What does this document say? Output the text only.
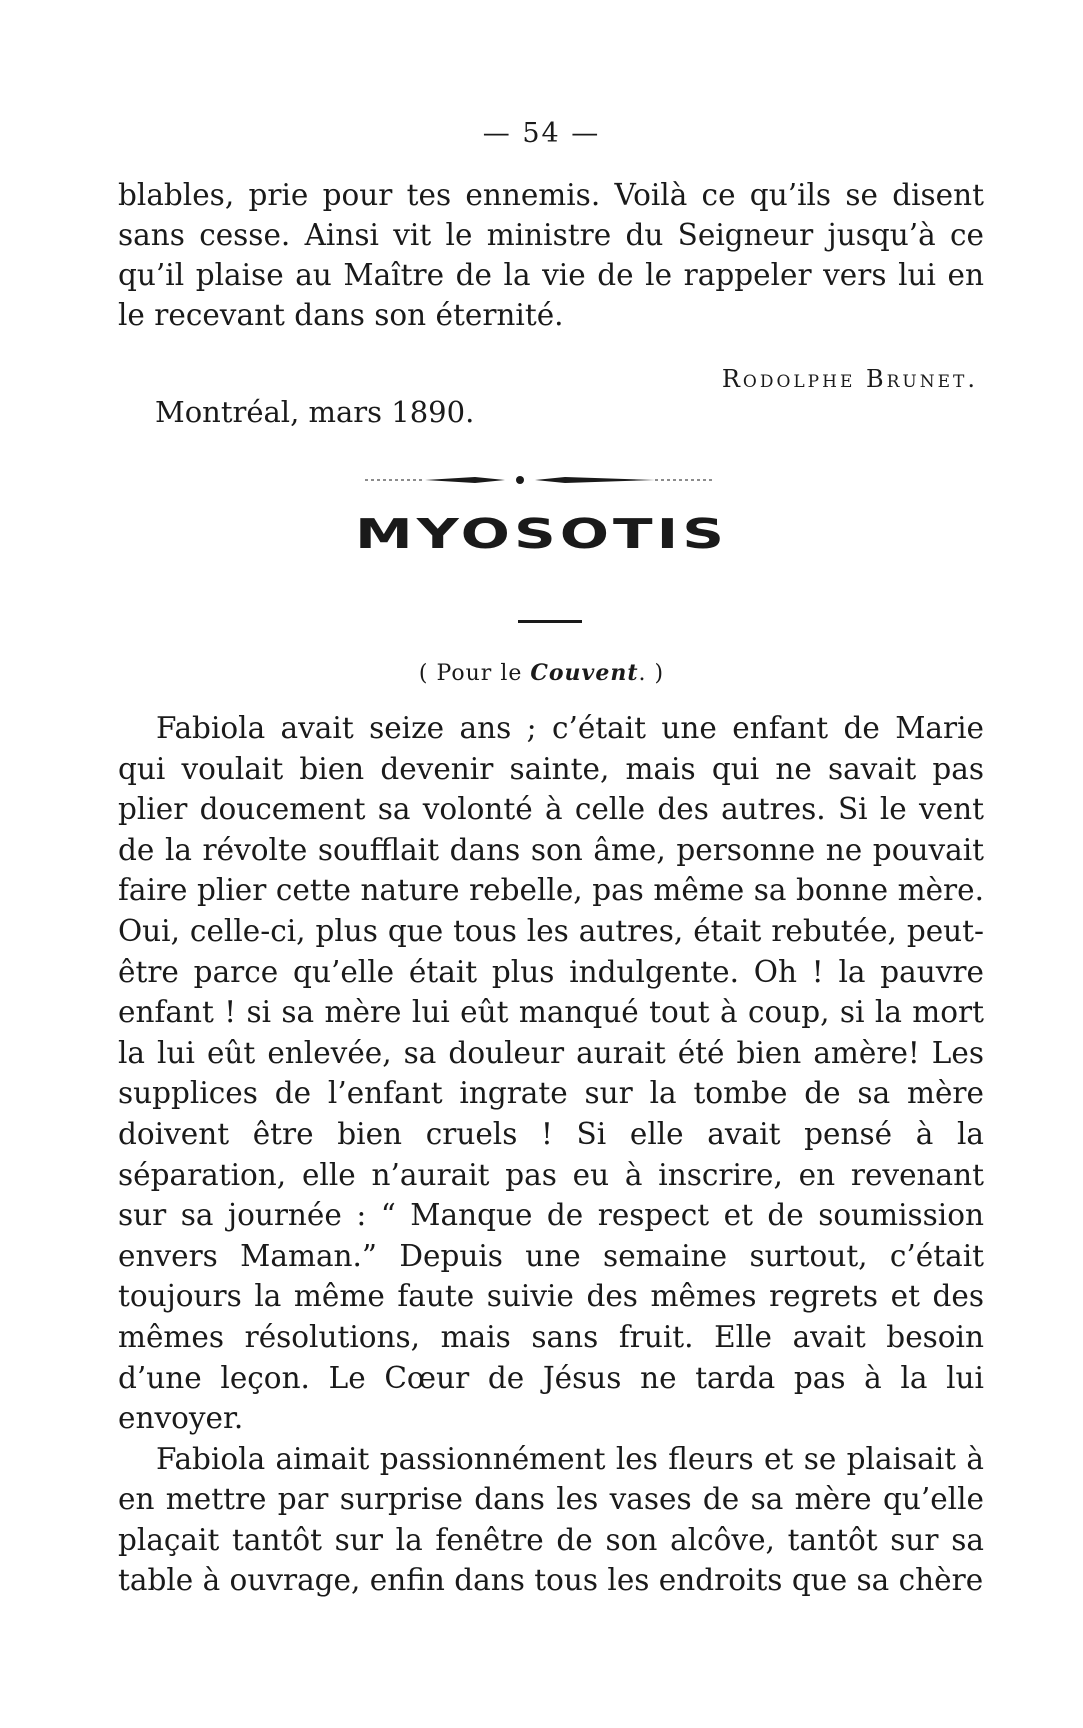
— 54 —

blables, prie pour tes ennemis. Voilà ce qu’ils se disent sans cesse. Ainsi vit le ministre du Seigneur jusqu’à ce qu’il plaise au Maître de la vie de le rappeler vers lui en le recevant dans son éternité.

Rodolphe Brunet.
Montréal, mars 1890.
MYOSOTIS
( Pour le Couvent. )

Fabiola avait seize ans ; c’était une enfant de Marie qui voulait bien devenir sainte, mais qui ne savait pas plier doucement sa volonté à celle des autres. Si le vent de la révolte soufflait dans son âme, personne ne pouvait faire plier cette nature rebelle, pas même sa bonne mère. Oui, celle-ci, plus que tous les autres, était rebutée, peut-être parce qu’elle était plus indulgente. Oh ! la pauvre enfant ! si sa mère lui eût manqué tout à coup, si la mort la lui eût enlevée, sa douleur aurait été bien amère! Les supplices de l’enfant ingrate sur la tombe de sa mère doivent être bien cruels ! Si elle avait pensé à la séparation, elle n’aurait pas eu à inscrire, en revenant sur sa journée : “ Manque de respect et de soumission envers Maman.” Depuis une semaine surtout, c’était toujours la même faute suivie des mêmes regrets et des mêmes résolutions, mais sans fruit. Elle avait besoin d’une leçon. Le Cœur de Jésus ne tarda pas à la lui envoyer.

Fabiola aimait passionnément les fleurs et se plaisait à en mettre par surprise dans les vases de sa mère qu’elle plaçait tantôt sur la fenêtre de son alcôve, tantôt sur sa table à ouvrage, enfin dans tous les endroits que sa chère
